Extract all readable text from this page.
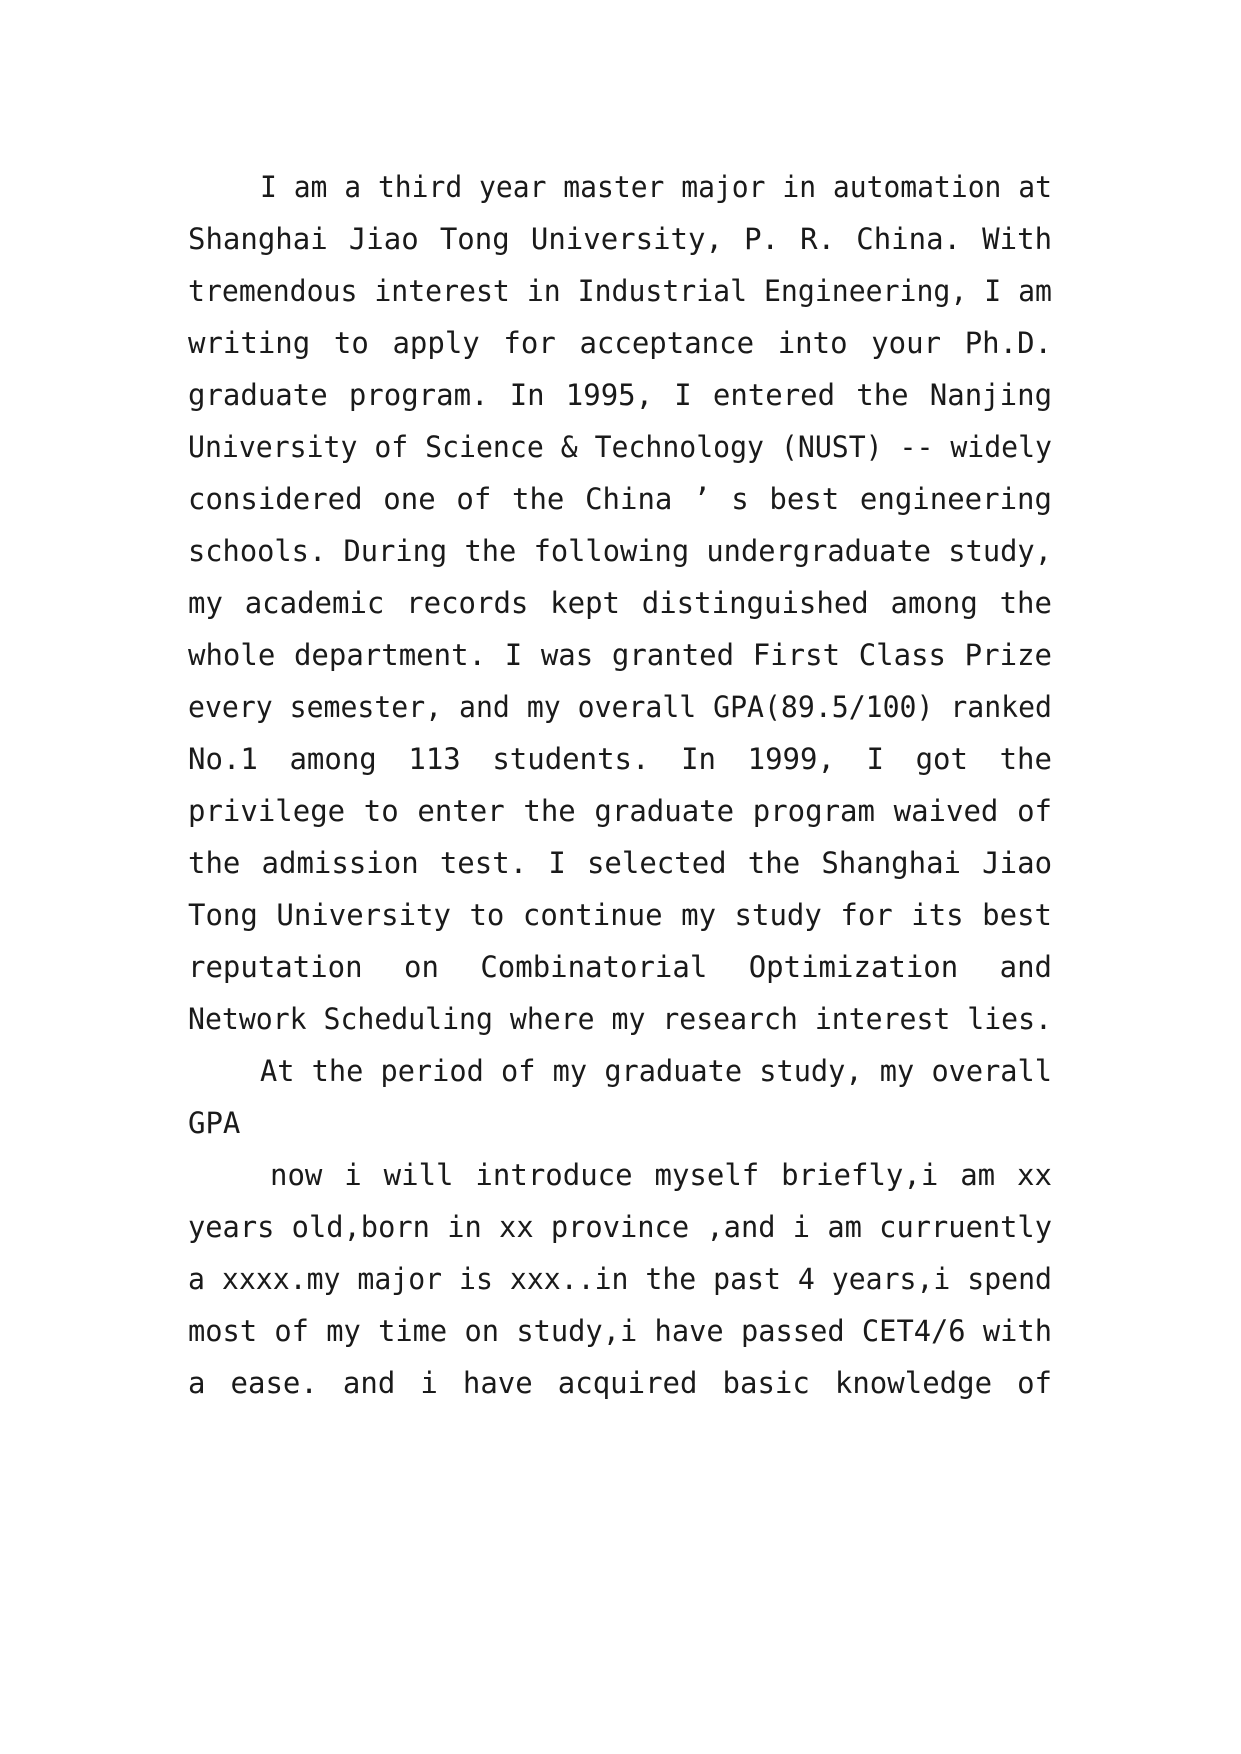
I am a third year master major in automation at
Shanghai Jiao Tong University, P. R. China. With
tremendous interest in Industrial Engineering, I am
writing to apply for acceptance into your Ph.D.
graduate program. In 1995, I entered the Nanjing
University of Science & Technology (NUST) -- widely
considered one of the China ’ s best engineering
schools. During the following undergraduate study,
my academic records kept distinguished among the
whole department. I was granted First Class Prize
every semester, and my overall GPA(89.5/100) ranked
No.1 among 113 students. In 1999, I got the
privilege to enter the graduate program waived of
the admission test. I selected the Shanghai Jiao
Tong University to continue my study for its best
reputation on Combinatorial Optimization and
Network Scheduling where my research interest lies.
At the period of my graduate study, my overall
GPA
now i will introduce myself briefly,i am xx
years old,born in xx province ,and i am curruently
a xxxx.my major is xxx..in the past 4 years,i spend
most of my time on study,i have passed CET4/6 with
a ease. and i have acquired basic knowledge of
